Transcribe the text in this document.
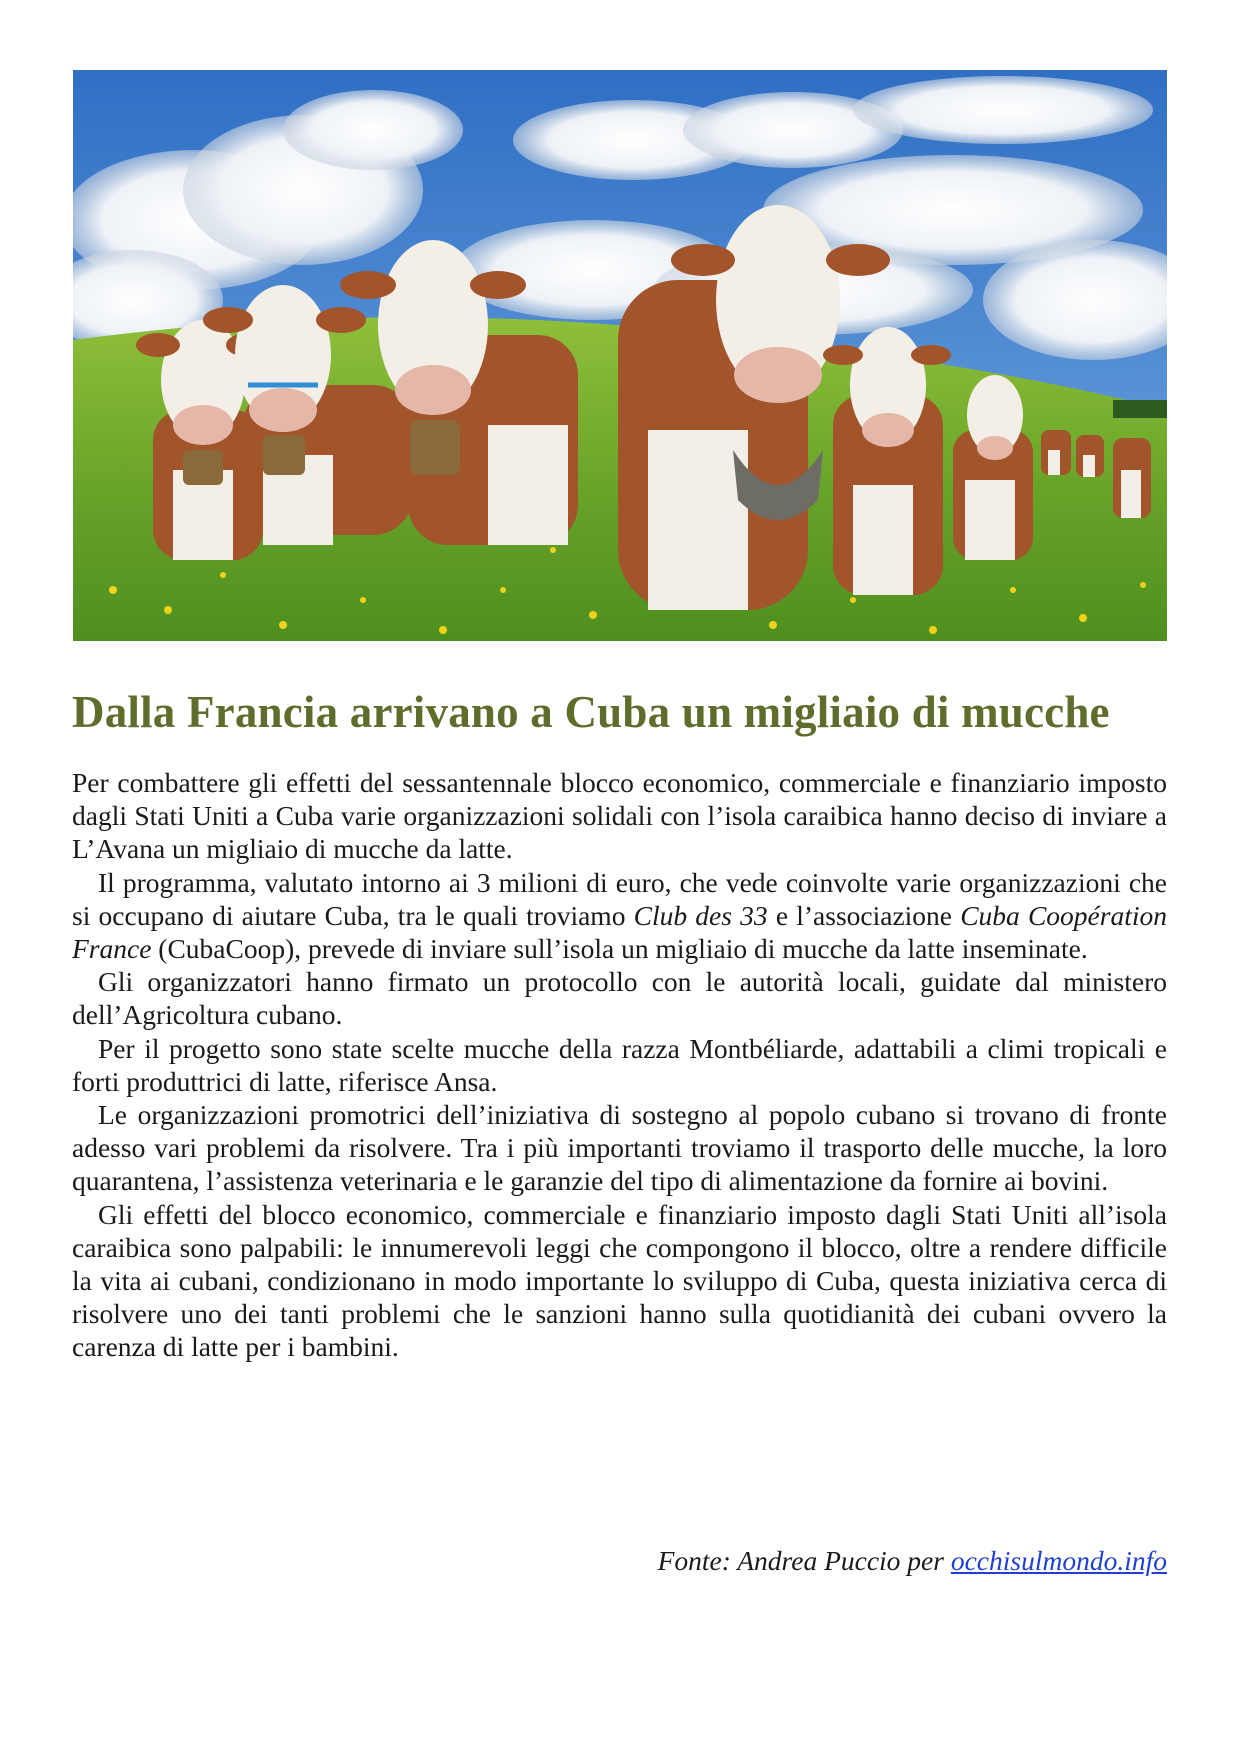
Dalla Francia arrivano a Cuba un migliaio di mucche

Per combattere gli effetti del sessantennale blocco economico, commerciale e finanziario imposto dagli Stati Uniti a Cuba varie organizzazioni solidali con l’isola caraibica hanno deciso di inviare a L’Avana un migliaio di mucche da latte.

Il programma, valutato intorno ai 3 milioni di euro, che vede coinvolte varie organizzazioni che si occupano di aiutare Cuba, tra le quali troviamo Club des 33 e l’associazione Cuba Coopération France (CubaCoop), prevede di inviare sull’isola un migliaio di mucche da latte inseminate.

Gli organizzatori hanno firmato un protocollo con le autorità locali, guidate dal ministero dell’Agricoltura cubano.

Per il progetto sono state scelte mucche della razza Montbéliarde, adattabili a climi tropicali e forti produttrici di latte, riferisce Ansa.

Le organizzazioni promotrici dell’iniziativa di sostegno al popolo cubano si trovano di fronte adesso vari problemi da risolvere. Tra i più importanti troviamo il trasporto delle mucche, la loro quarantena, l’assistenza veterinaria e le garanzie del tipo di alimentazione da fornire ai bovini.

Gli effetti del blocco economico, commerciale e finanziario imposto dagli Stati Uniti all’isola caraibica sono palpabili: le innumerevoli leggi che compongono il blocco, oltre a rendere difficile la vita ai cubani, condizionano in modo importante lo sviluppo di Cuba, questa iniziativa cerca di risolvere uno dei tanti problemi che le sanzioni hanno sulla quotidianità dei cubani ovvero la carenza di latte per i bambini.

Fonte: Andrea Puccio per occhisulmondo.info
